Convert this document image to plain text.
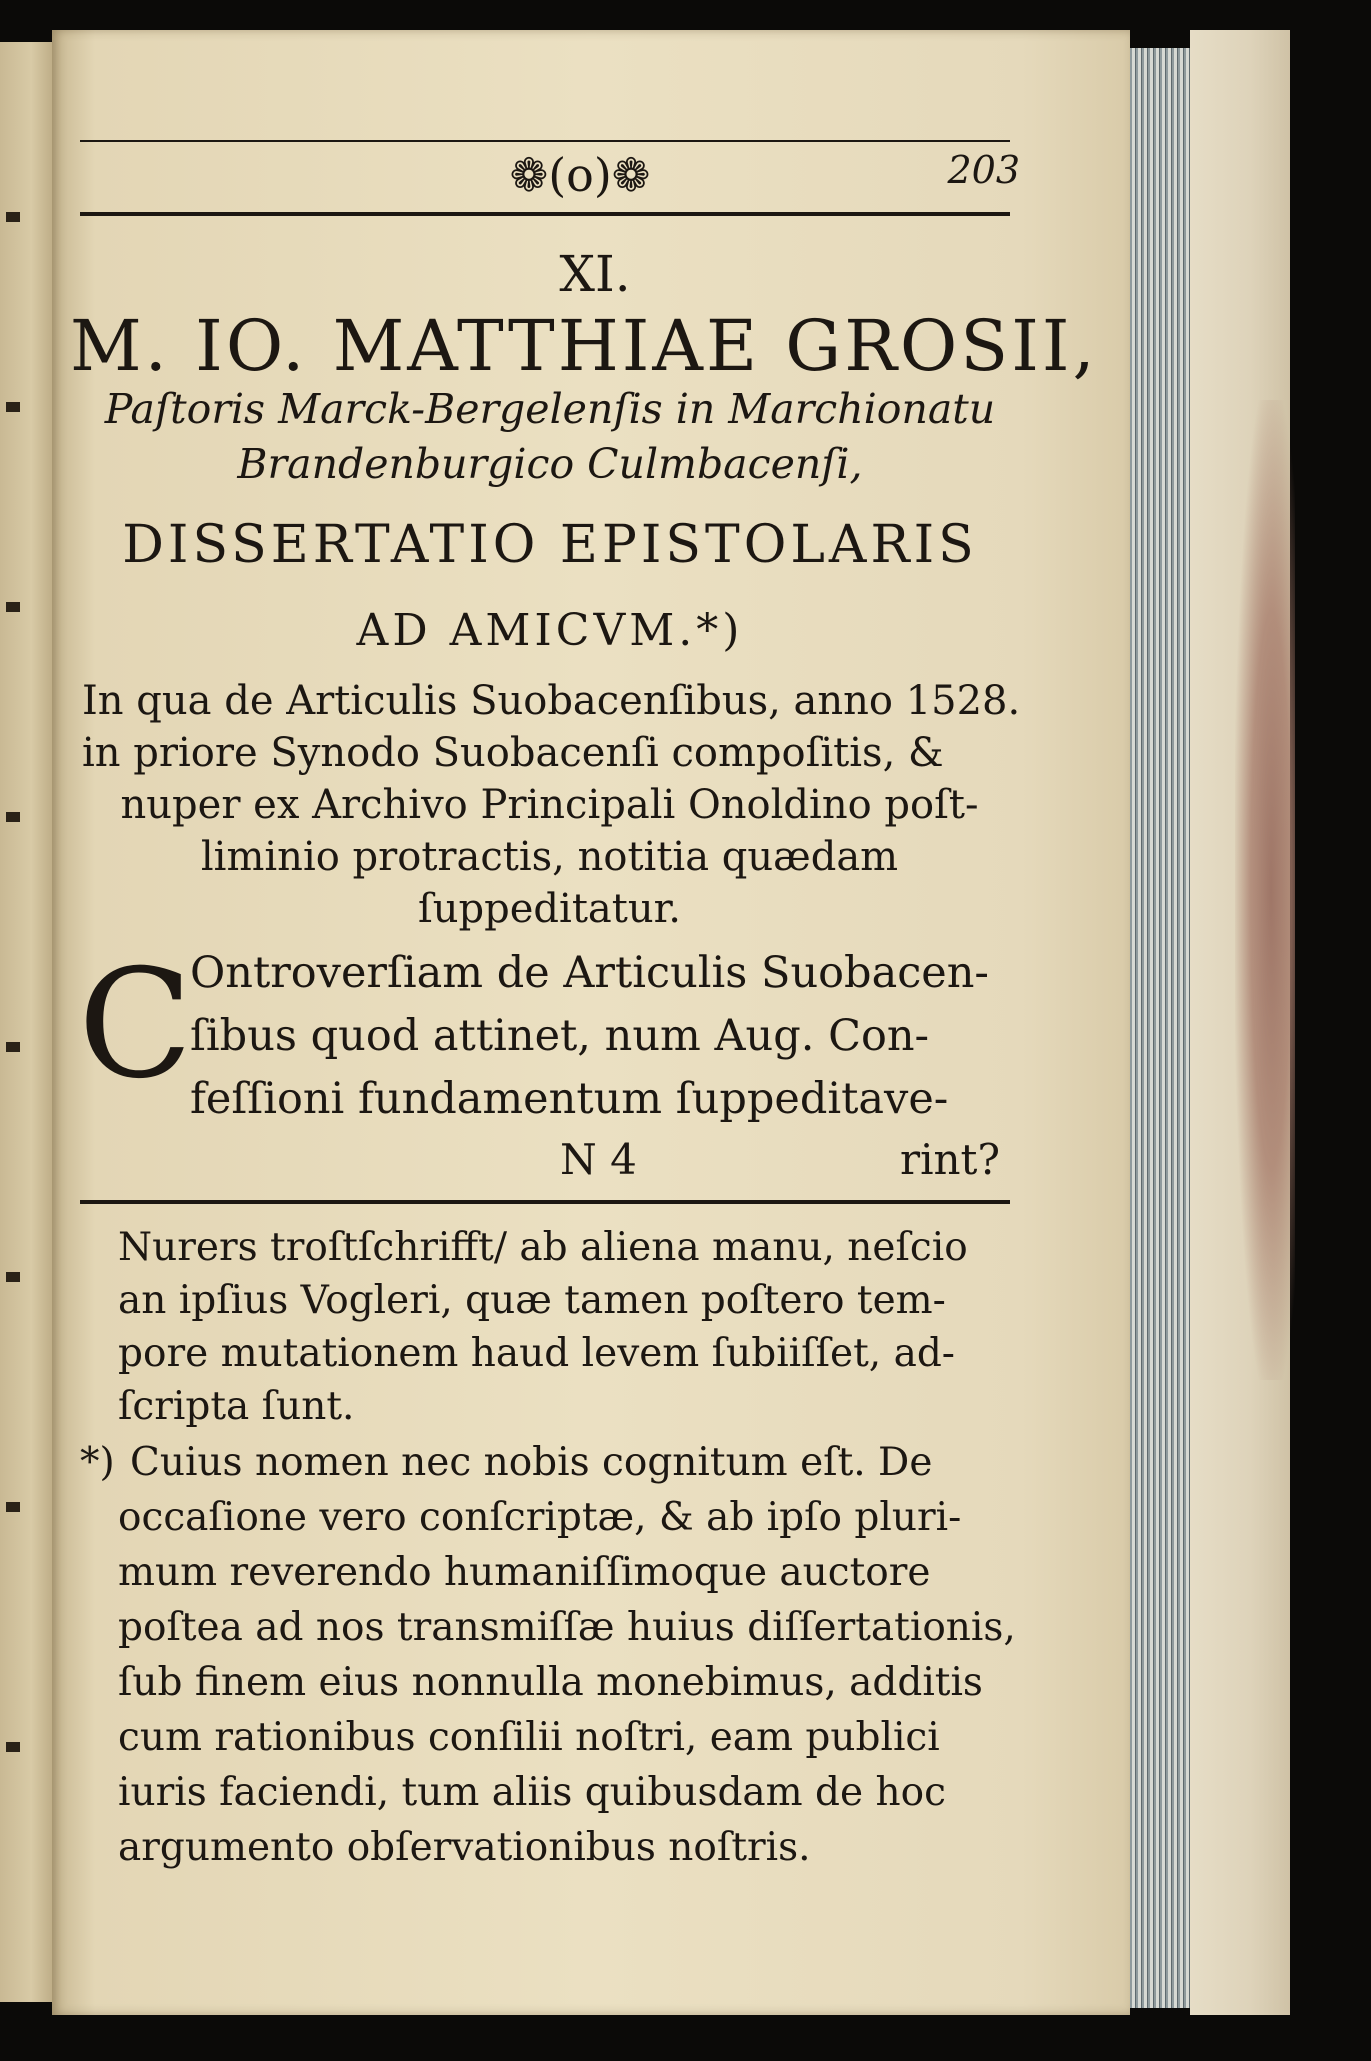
❁(o)❁	203
XI.
M. IO. MATTHIAE GROSII,
Paſtoris Marck-Bergelenſis in Marchionatu
Brandenburgico Culmbacenſi,
DISSERTATIO EPISTOLARIS
AD AMICVM.*)
In qua de Articulis Suobacenſibus, anno 1528.
in priore Synodo Suobacenſi compoſitis, &
nuper ex Archivo Principali Onoldino poſt-
liminio protractis, notitia quædam
ſuppeditatur.
C
Ontroverſiam de Articulis Suobacen-
ſibus quod attinet, num Aug. Con-
feſſioni fundamentum ſuppeditave-
N 4	rint?
Nurers troſtſchrifft/ ab aliena manu, neſcio
an ipſius Vogleri, quæ tamen poſtero tem-
pore mutationem haud levem ſubiiſſet, ad-
ſcripta ſunt.
*) Cuius nomen nec nobis cognitum eſt. De
occaſione vero conſcriptæ, & ab ipſo pluri-
mum reverendo humaniſſimoque auctore
poſtea ad nos transmiſſæ huius diſſertationis,
ſub finem eius nonnulla monebimus, additis
cum rationibus conſilii noſtri, eam publici
iuris faciendi, tum aliis quibusdam de hoc
argumento obſervationibus noſtris.
